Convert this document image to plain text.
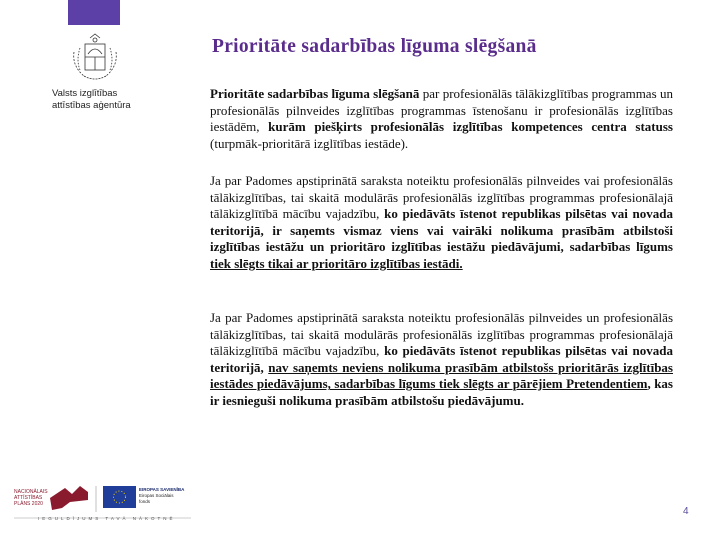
Valsts izglītības
attīstības aģentūra
Prioritāte sadarbības līguma slēgšanā

Prioritāte sadarbības līguma slēgšanā par profesionālās tālākizglītības programmas un profesionālās pilnveides izglītības programmas īstenošanu ir profesionālās izglītības iestādēm, kurām piešķirts profesionālās izglītības kompetences centra statuss (turpmāk-prioritārā izglītības iestāde).

Ja par Padomes apstiprinātā saraksta noteiktu profesionālās pilnveides vai profesionālās tālākizglītības, tai skaitā modulārās profesionālās izglītības programmas profesionālajā tālākizglītībā mācību vajadzību, ko piedāvāts īstenot republikas pilsētas vai novada teritorijā, ir saņemts vismaz viens vai vairāki nolikuma prasībām atbilstoši izglītības iestāžu un prioritāro izglītības iestāžu piedāvājumi, sadarbības līgums tiek slēgts tikai ar prioritāro izglītības iestādi.

Ja par Padomes apstiprinātā saraksta noteiktu profesionālās pilnveides un profesionālās tālākizglītības, tai skaitā modulārās profesionālās izglītības programmas profesionālajā tālākizglītībā mācību vajadzību, ko piedāvāts īstenot republikas pilsētas vai novada teritorijā, nav saņemts neviens nolikuma prasībām atbilstošs prioritārās izglītības iestādes piedāvājums, sadarbības līgums tiek slēgts ar pārējiem Pretendentiem, kas ir iesnieguši nolikuma prasībām atbilstošu piedāvājumu.

NACIONĀLAIS
ATTĪSTĪBAS
PLĀNS 2020
EIROPAS SAVIENĪBA
Eiropas Sociālais
fonds
IEGULDĪJUMS TAVĀ NĀKOTNĒ
4
